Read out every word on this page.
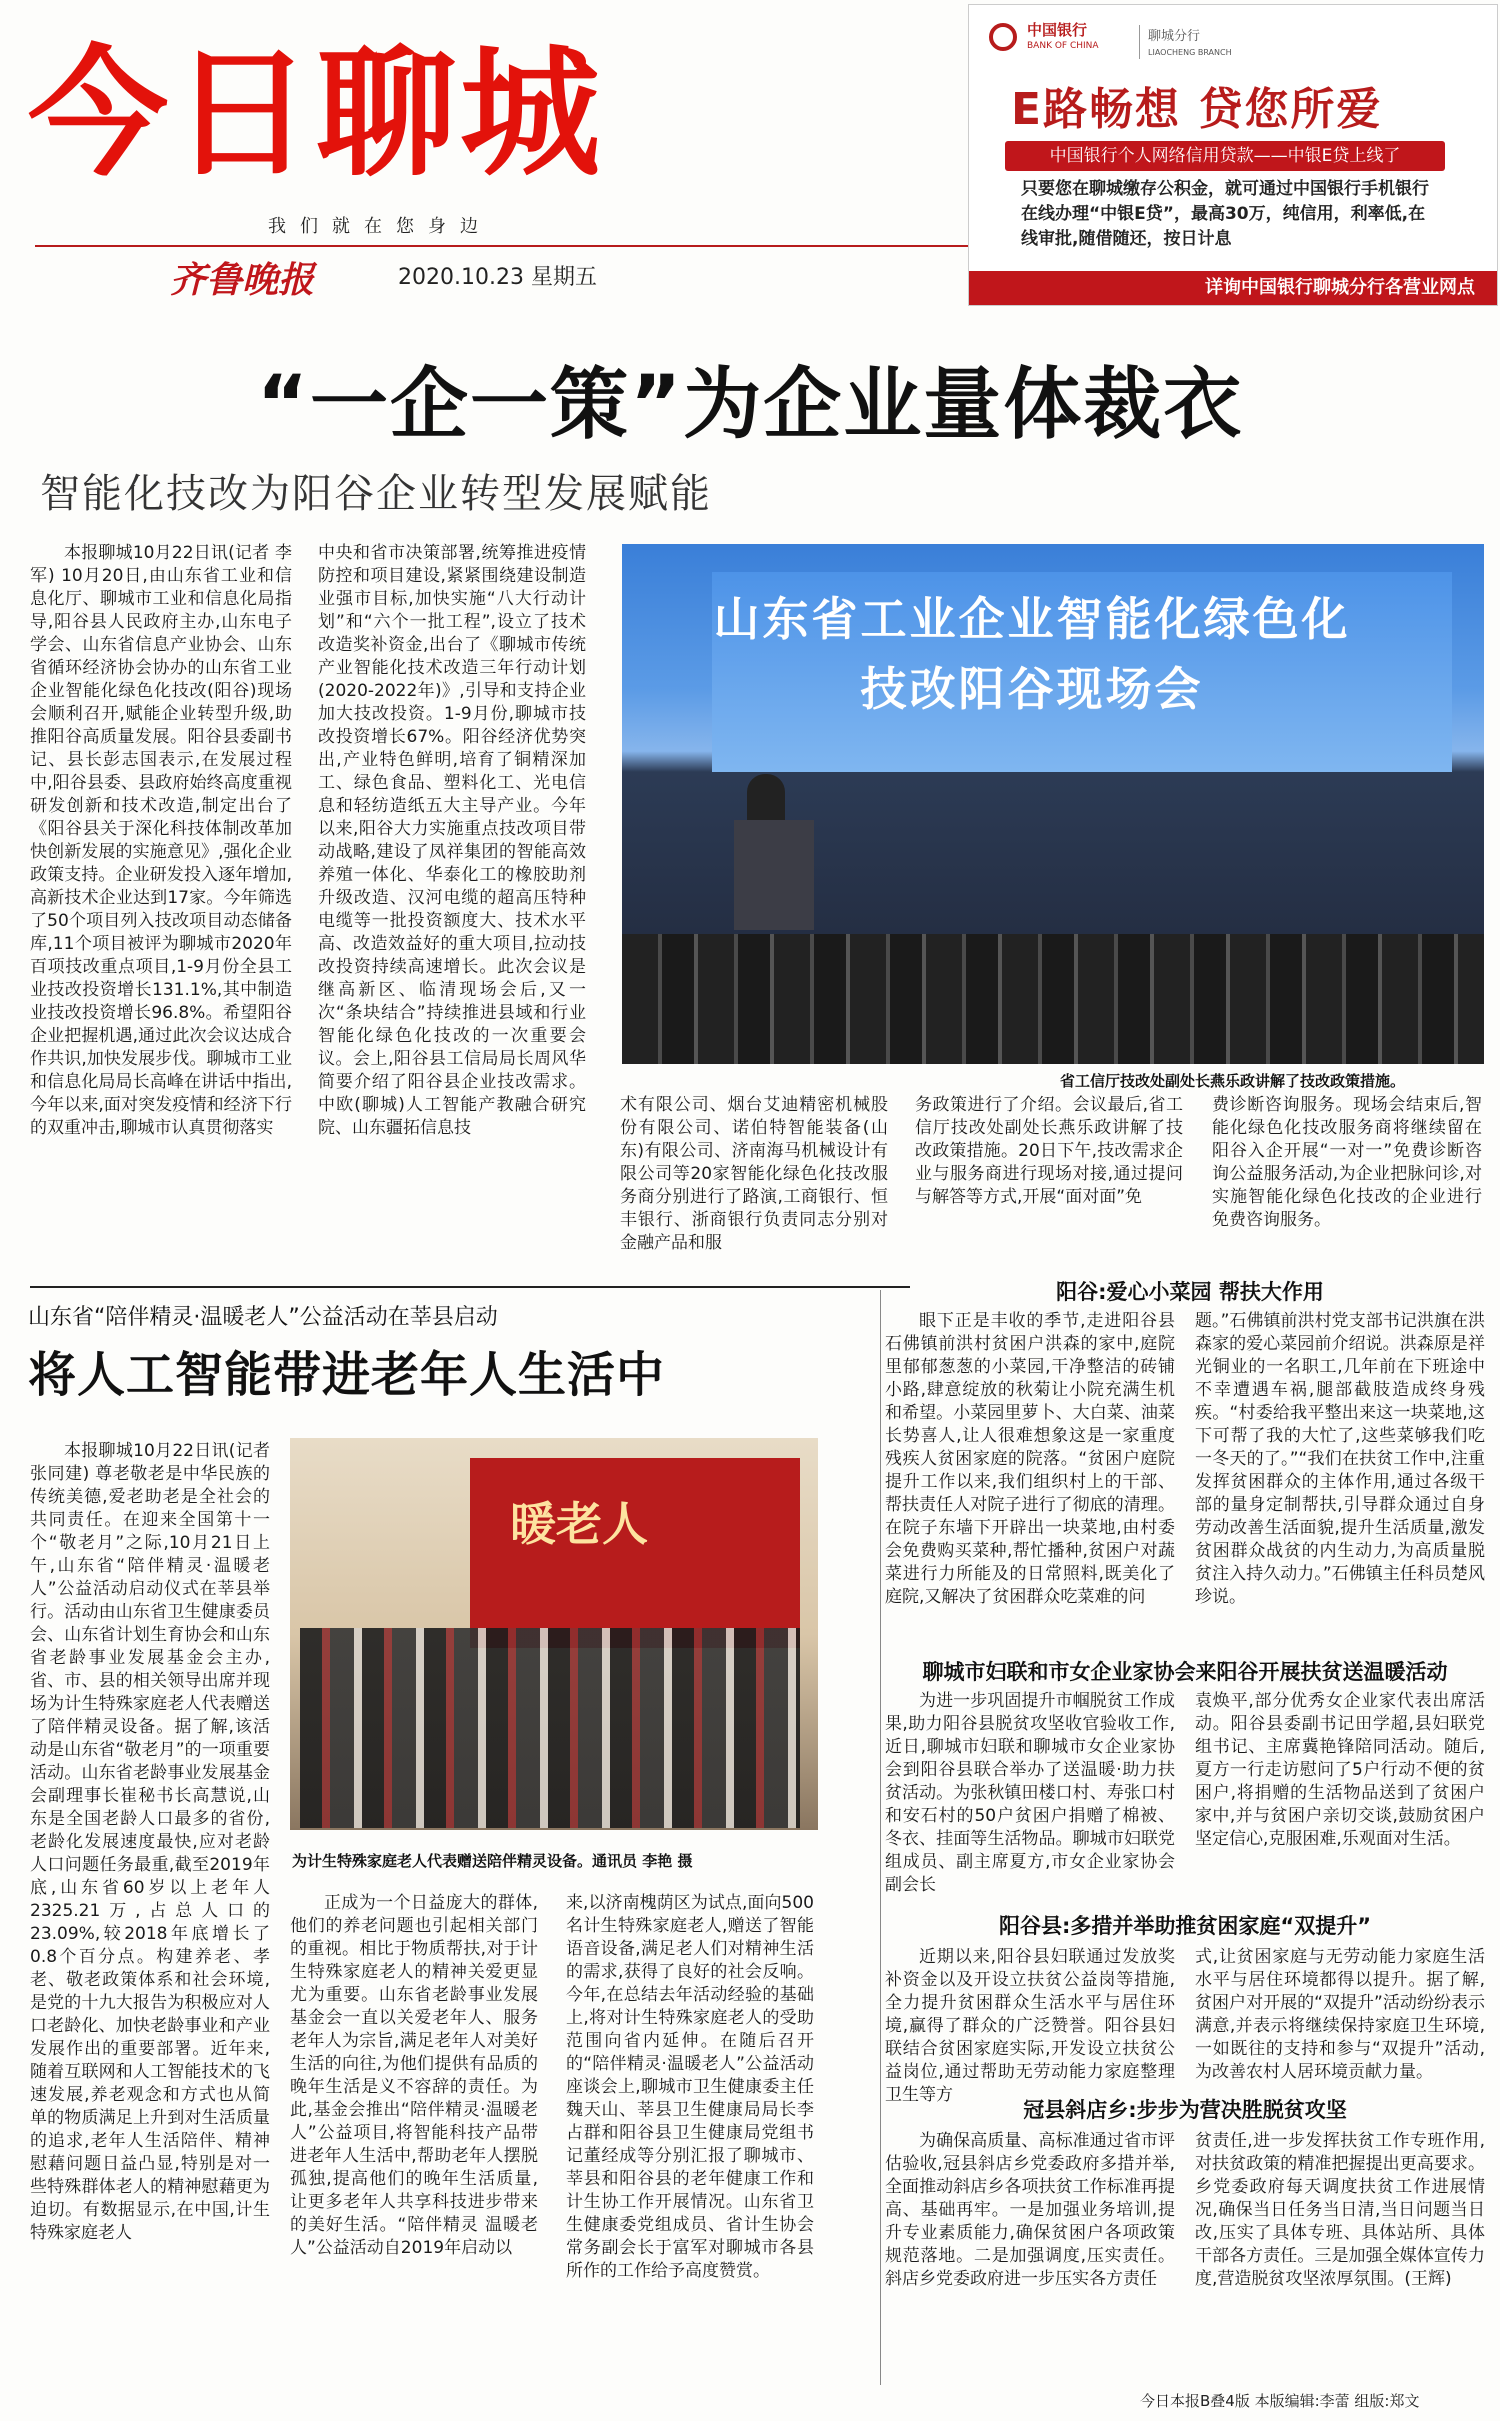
今日聊城
我们就在您身边
齐鲁晚报	2020.10.23 星期五
中国银行
BANK OF CHINA
聊城分行
LIAOCHENG BRANCH
E路畅想 贷您所爱
中国银行个人网络信用贷款——中银E贷上线了
只要您在聊城缴存公积金，就可通过中国银行手机银行在线办理“中银E贷”，最高30万，纯信用，利率低,在线审批,随借随还，按日计息
详询中国银行聊城分行各营业网点
“一企一策”为企业量体裁衣
智能化技改为阳谷企业转型发展赋能

本报聊城10月22日讯(记者 李军) 10月20日,由山东省工业和信息化厅、聊城市工业和信息化局指导,阳谷县人民政府主办,山东电子学会、山东省信息产业协会、山东省循环经济协会协办的山东省工业企业智能化绿色化技改(阳谷)现场会顺利召开,赋能企业转型升级,助推阳谷高质量发展。阳谷县委副书记、县长彭志国表示,在发展过程中,阳谷县委、县政府始终高度重视研发创新和技术改造,制定出台了《阳谷县关于深化科技体制改革加快创新发展的实施意见》,强化企业政策支持。企业研发投入逐年增加,高新技术企业达到17家。今年筛选了50个项目列入技改项目动态储备库,11个项目被评为聊城市2020年百项技改重点项目,1-9月份全县工业技改投资增长131.1%,其中制造业技改投资增长96.8%。希望阳谷企业把握机遇,通过此次会议达成合作共识,加快发展步伐。聊城市工业和信息化局局长高峰在讲话中指出,今年以来,面对突发疫情和经济下行的双重冲击,聊城市认真贯彻落实

中央和省市决策部署,统筹推进疫情防控和项目建设,紧紧围绕建设制造业强市目标,加快实施“八大行动计划”和“六个一批工程”,设立了技术改造奖补资金,出台了《聊城市传统产业智能化技术改造三年行动计划(2020-2022年)》,引导和支持企业加大技改投资。1-9月份,聊城市技改投资增长67%。阳谷经济优势突出,产业特色鲜明,培育了铜精深加工、绿色食品、塑料化工、光电信息和轻纺造纸五大主导产业。今年以来,阳谷大力实施重点技改项目带动战略,建设了凤祥集团的智能高效养殖一体化、华泰化工的橡胶助剂升级改造、汉河电缆的超高压特种电缆等一批投资额度大、技术水平高、改造效益好的重大项目,拉动技改投资持续高速增长。此次会议是继高新区、临清现场会后,又一次“条块结合”持续推进县域和行业智能化绿色化技改的一次重要会议。会上,阳谷县工信局局长周风华简要介绍了阳谷县企业技改需求。中欧(聊城)人工智能产教融合研究院、山东疆拓信息技

山东省工业企业智能化绿色化技改阳谷现场会
省工信厅技改处副处长燕乐政讲解了技改政策措施。

术有限公司、烟台艾迪精密机械股份有限公司、诺伯特智能装备(山东)有限公司、济南海马机械设计有限公司等20家智能化绿色化技改服务商分别进行了路演,工商银行、恒丰银行、浙商银行负责同志分别对金融产品和服

务政策进行了介绍。会议最后,省工信厅技改处副处长燕乐政讲解了技改政策措施。20日下午,技改需求企业与服务商进行现场对接,通过提问与解答等方式,开展“面对面”免

费诊断咨询服务。现场会结束后,智能化绿色化技改服务商将继续留在阳谷入企开展“一对一”免费诊断咨询公益服务活动,为企业把脉问诊,对实施智能化绿色化技改的企业进行免费咨询服务。

山东省“陪伴精灵·温暖老人”公益活动在莘县启动
将人工智能带进老年人生活中

本报聊城10月22日讯(记者 张同建) 尊老敬老是中华民族的传统美德,爱老助老是全社会的共同责任。在迎来全国第十一个“敬老月”之际,10月21日上午,山东省“陪伴精灵·温暖老人”公益活动启动仪式在莘县举行。活动由山东省卫生健康委员会、山东省计划生育协会和山东省老龄事业发展基金会主办,省、市、县的相关领导出席并现场为计生特殊家庭老人代表赠送了陪伴精灵设备。据了解,该活动是山东省“敬老月”的一项重要活动。山东省老龄事业发展基金会副理事长崔秘书长高慧说,山东是全国老龄人口最多的省份,老龄化发展速度最快,应对老龄人口问题任务最重,截至2019年底,山东省60岁以上老年人2325.21万,占总人口的23.09%,较2018年底增长了0.8个百分点。构建养老、孝老、敬老政策体系和社会环境,是党的十九大报告为积极应对人口老龄化、加快老龄事业和产业发展作出的重要部署。近年来,随着互联网和人工智能技术的飞速发展,养老观念和方式也从简单的物质满足上升到对生活质量的追求,老年人生活陪伴、精神慰藉问题日益凸显,特别是对一些特殊群体老人的精神慰藉更为迫切。有数据显示,在中国,计生特殊家庭老人

暖老人
为计生特殊家庭老人代表赠送陪伴精灵设备。通讯员 李艳 摄

正成为一个日益庞大的群体,他们的养老问题也引起相关部门的重视。相比于物质帮扶,对于计生特殊家庭老人的精神关爱更显尤为重要。山东省老龄事业发展基金会一直以关爱老年人、服务老年人为宗旨,满足老年人对美好生活的向往,为他们提供有品质的晚年生活是义不容辞的责任。为此,基金会推出“陪伴精灵·温暖老人”公益项目,将智能科技产品带进老年人生活中,帮助老年人摆脱孤独,提高他们的晚年生活质量,让更多老年人共享科技进步带来的美好生活。“陪伴精灵 温暖老人”公益活动自2019年启动以

来,以济南槐荫区为试点,面向500名计生特殊家庭老人,赠送了智能语音设备,满足老人们对精神生活的需求,获得了良好的社会反响。今年,在总结去年活动经验的基础上,将对计生特殊家庭老人的受助范围向省内延伸。在随后召开的“陪伴精灵·温暖老人”公益活动座谈会上,聊城市卫生健康委主任魏天山、莘县卫生健康局局长李占群和阳谷县卫生健康局党组书记董经成等分别汇报了聊城市、莘县和阳谷县的老年健康工作和计生协工作开展情况。山东省卫生健康委党组成员、省计生协会常务副会长于富军对聊城市各县所作的工作给予高度赞赏。

阳谷:爱心小菜园 帮扶大作用

眼下正是丰收的季节,走进阳谷县石佛镇前洪村贫困户洪森的家中,庭院里郁郁葱葱的小菜园,干净整洁的砖铺小路,肆意绽放的秋菊让小院充满生机和希望。小菜园里萝卜、大白菜、油菜长势喜人,让人很难想象这是一家重度残疾人贫困家庭的院落。“贫困户庭院提升工作以来,我们组织村上的干部、帮扶责任人对院子进行了彻底的清理。在院子东墙下开辟出一块菜地,由村委会免费购买菜种,帮忙播种,贫困户对蔬菜进行力所能及的日常照料,既美化了庭院,又解决了贫困群众吃菜难的问

题。”石佛镇前洪村党支部书记洪旗在洪森家的爱心菜园前介绍说。洪森原是祥光铜业的一名职工,几年前在下班途中不幸遭遇车祸,腿部截肢造成终身残疾。“村委给我平整出来这一块菜地,这下可帮了我的大忙了,这些菜够我们吃一冬天的了。”“我们在扶贫工作中,注重发挥贫困群众的主体作用,通过各级干部的量身定制帮扶,引导群众通过自身劳动改善生活面貌,提升生活质量,激发贫困群众战贫的内生动力,为高质量脱贫注入持久动力。”石佛镇主任科员楚风珍说。

聊城市妇联和市女企业家协会来阳谷开展扶贫送温暖活动

为进一步巩固提升市帼脱贫工作成果,助力阳谷县脱贫攻坚收官验收工作,近日,聊城市妇联和聊城市女企业家协会到阳谷县联合举办了送温暖·助力扶贫活动。为张秋镇田楼口村、寿张口村和安石村的50户贫困户捐赠了棉被、冬衣、挂面等生活物品。聊城市妇联党组成员、副主席夏方,市女企业家协会副会长

袁焕平,部分优秀女企业家代表出席活动。阳谷县委副书记田学超,县妇联党组书记、主席冀艳锋陪同活动。随后,夏方一行走访慰问了5户行动不便的贫困户,将捐赠的生活物品送到了贫困户家中,并与贫困户亲切交谈,鼓励贫困户坚定信心,克服困难,乐观面对生活。

阳谷县:多措并举助推贫困家庭“双提升”

近期以来,阳谷县妇联通过发放奖补资金以及开设立扶贫公益岗等措施,全力提升贫困群众生活水平与居住环境,赢得了群众的广泛赞誉。阳谷县妇联结合贫困家庭实际,开发设立扶贫公益岗位,通过帮助无劳动能力家庭整理卫生等方

式,让贫困家庭与无劳动能力家庭生活水平与居住环境都得以提升。据了解,贫困户对开展的“双提升”活动纷纷表示满意,并表示将继续保持家庭卫生环境,一如既往的支持和参与“双提升”活动,为改善农村人居环境贡献力量。

冠县斜店乡:步步为营决胜脱贫攻坚

为确保高质量、高标准通过省市评估验收,冠县斜店乡党委政府多措并举,全面推动斜店乡各项扶贫工作标准再提高、基础再牢。一是加强业务培训,提升专业素质能力,确保贫困户各项政策规范落地。二是加强调度,压实责任。斜店乡党委政府进一步压实各方责任

贫责任,进一步发挥扶贫工作专班作用,对扶贫政策的精准把握提出更高要求。乡党委政府每天调度扶贫工作进展情况,确保当日任务当日清,当日问题当日改,压实了具体专班、具体站所、具体干部各方责任。三是加强全媒体宣传力度,营造脱贫攻坚浓厚氛围。(王辉)

今日本报B叠4版 本版编辑:李蕾 组版:郑文
